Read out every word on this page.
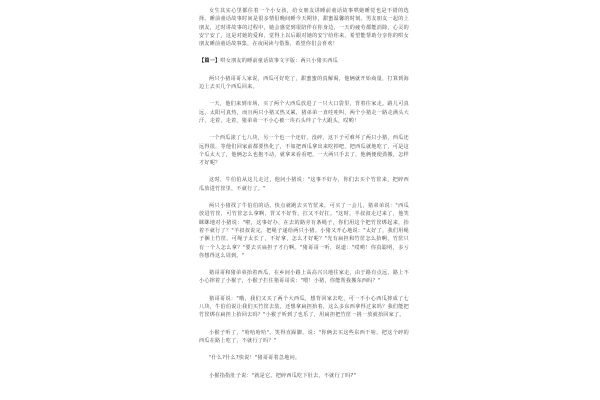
女生其实心里都住着一个小女孩，给女朋友讲睡前童话故事哄她睡觉也是不错的选择。睡前童话故事时间是很多情侣晚间睡今天期待，甜蜜温馨的时刻。男友朋友一起的上朋友，过时讲故事的过程中，她会感觉到很陪伴在你身边，一天的疲劳都能消除，心灵的安宁安了，这是对她的爱和，觉得上以后跟对她的安宁给你来，希望能帮助分享你的哄女朋友睡前童话故事集，在夜闲读与借鉴，希望你们会喜欢！

【篇一】哄女朋友的睡前童话故事文字版：两只小猪买西瓜

两只小猪哥哥人家说，西瓜可好吃了，甜蜜蜜的真解渴，他俩就开始商量，打算到海边上去买几个西瓜回来。

一天，他们来到市场，买了两个大西瓜放进了一只大口袋里，背着往家走。路儿可真远，太阳可真热，而且两只小猪又热又累，猪弟弟一直哇哇叫，两个小猪走一路走满头大汗，走着，走着，猪弟弟一不小心被一块石头绊了个大跟头，哎哟！

一个西瓜滚了七八块，另一个也一个还好，没碎，这下子可难坏了两只小猪，西瓜还远得很，等他们回家前都要热化了，不如把西瓜拿出来吃掉吧，把西瓜就地吃了，可是这个瓜太大了，他俩怎么也抱不动，就拿来看看吧，一大两只手去了，他俩便使劲搬，怎样才好呢？

这时，牛伯伯从这儿走过，他问小猪说："这事不好办，你们去买个竹筐来，把碎西瓜放进竹筐里，不就行了。"

两只小猪找了牛伯伯的话，快点就跑去买竹筐来，可买了一会儿，猪弟弟说："西瓜放进竹筐，可竹筐怎么拿啊，背又不好背，扛又不好扛。"这时，羊叔叔走过来了，他笑眯眯地对小猪说："啦，这事好办，在去的路旁有条绳子，你们用这个把竹筐绑起来，抬着不就行了？"羊叔叔说完，把绳子递给两只小猪。小猪又开心地说："太好了，我们用绳子捆上竹筐，可绳子太长了，不好拿，怎么才好呢？"光有扁担和竹筐怎么抬啊，竹筐只有一个人怎么拿？"要去买扁担子才行啊。"猪哥哥一听，说道："哎哟！你真聪明，多亏你想得这么周到。"

猪哥哥和猪弟弟抬着西瓜，在乡间小路上高高兴兴地往家走，由于路有点远，路上不小心摔着了小猴子，小猴子拦住猪哥哥说："喂！小猪，你能帮我搬东西吗？"

猪哥哥说："哦，我们又买了两个大西瓜，想背回家去吃，可一不小心西瓜摔成了七八块，牛伯伯说让我们买竹筐去装，还想拿扁担抬着，这么多东西拿得过来吗？我们能把竹筐绑在扁担上抬回去吗？"小猴子听到了也乐了，用扁担把竹筐一挑一放就抬回家了。

小猴子听了，"哈哈哈哈"，笑得直跺脚，说："你俩去买这些东西干啥，把这个碎的西瓜在路上吃了，不就行了吗？"

"什么?什么?快说！"猪哥哥着急地问。

小猴指指肚子说："就是它。把碎西瓜吃下肚去，不就行了吗?"
